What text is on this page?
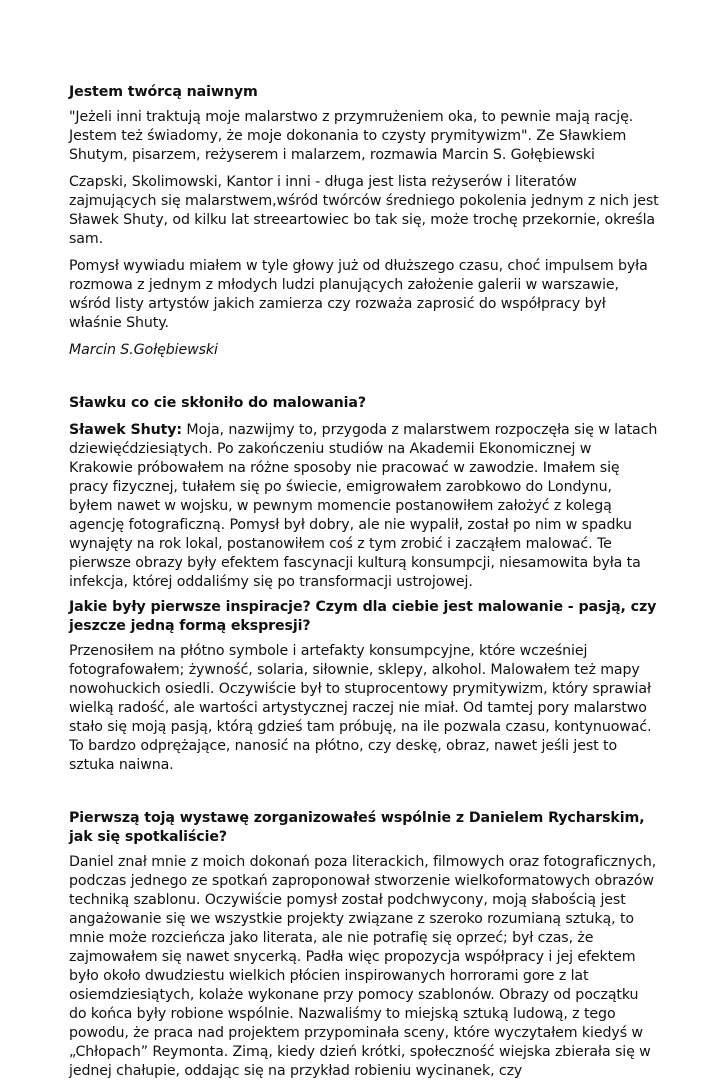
Jestem twórcą naiwnym

"Jeżeli inni traktują moje malarstwo z przymrużeniem oka, to pewnie mają rację. Jestem też świadomy, że moje dokonania to czysty prymitywizm". Ze Sławkiem Shutym, pisarzem, reżyserem i malarzem, rozmawia Marcin S. Gołębiewski

Czapski, Skolimowski, Kantor i inni - długa jest lista reżyserów i literatów zajmujących się malarstwem,wśród twórców średniego pokolenia jednym z nich jest Sławek Shuty, od kilku lat streeartowiec bo tak się, może trochę przekornie, określa sam.

Pomysł wywiadu miałem w tyle głowy już od dłuższego czasu, choć impulsem była rozmowa z jednym z młodych ludzi planujących założenie galerii w warszawie, wśród listy artystów jakich zamierza czy rozważa zaprosić do współpracy był właśnie Shuty.

Marcin S.Gołębiewski

Sławku co cie skłoniło do malowania?

Sławek Shuty: Moja, nazwijmy to, przygoda z malarstwem rozpoczęła się w latach dziewięćdziesiątych. Po zakończeniu studiów na Akademii Ekonomicznej w Krakowie próbowałem na różne sposoby nie pracować w zawodzie. Imałem się pracy fizycznej, tułałem się po świecie, emigrowałem zarobkowo do Londynu, byłem nawet w wojsku, w pewnym momencie postanowiłem założyć z kolegą agencję fotograficzną. Pomysł był dobry, ale nie wypalił, został po nim w spadku wynajęty na rok lokal, postanowiłem coś z tym zrobić i zacząłem malować. Te pierwsze obrazy były efektem fascynacji kulturą konsumpcji, niesamowita była ta infekcja, której oddaliśmy się po transformacji ustrojowej.

Jakie były pierwsze inspiracje? Czym dla ciebie jest malowanie - pasją, czy jeszcze jedną formą ekspresji?

Przenosiłem na płótno symbole i artefakty konsumpcyjne, które wcześniej fotografowałem; żywność, solaria, siłownie, sklepy, alkohol. Malowałem też mapy nowohuckich osiedli. Oczywiście był to stuprocentowy prymitywizm, który sprawiał wielką radość, ale wartości artystycznej raczej nie miał. Od tamtej pory malarstwo stało się moją pasją, którą gdzieś tam próbuję, na ile pozwala czasu, kontynuować. To bardzo odprężające, nanosić na płótno, czy deskę, obraz, nawet jeśli jest to sztuka naiwna.

Pierwszą toją wystawę zorganizowałeś wspólnie z Danielem Rycharskim, jak się spotkaliście?

Daniel znał mnie z moich dokonań poza literackich, filmowych oraz fotograficznych, podczas jednego ze spotkań zaproponował stworzenie wielkoformatowych obrazów techniką szablonu. Oczywiście pomysł został podchwycony, moją słabością jest angażowanie się we wszystkie projekty związane z szeroko rozumianą sztuką, to mnie może rozcieńcza jako literata, ale nie potrafię się oprzeć; był czas, że zajmowałem się nawet snycerką. Padła więc propozycja współpracy i jej efektem było około dwudziestu wielkich płócien inspirowanych horrorami gore z lat osiemdziesiątych, kolaże wykonane przy pomocy szablonów. Obrazy od początku do końca były robione wspólnie. Nazwaliśmy to miejską sztuką ludową, z tego powodu, że praca nad projektem przypominała sceny, które wyczytałem kiedyś w „Chłopach” Reymonta. Zimą, kiedy dzień krótki, społeczność wiejska zbierała się w jednej chałupie, oddając się na przykład robieniu wycinanek, czy
